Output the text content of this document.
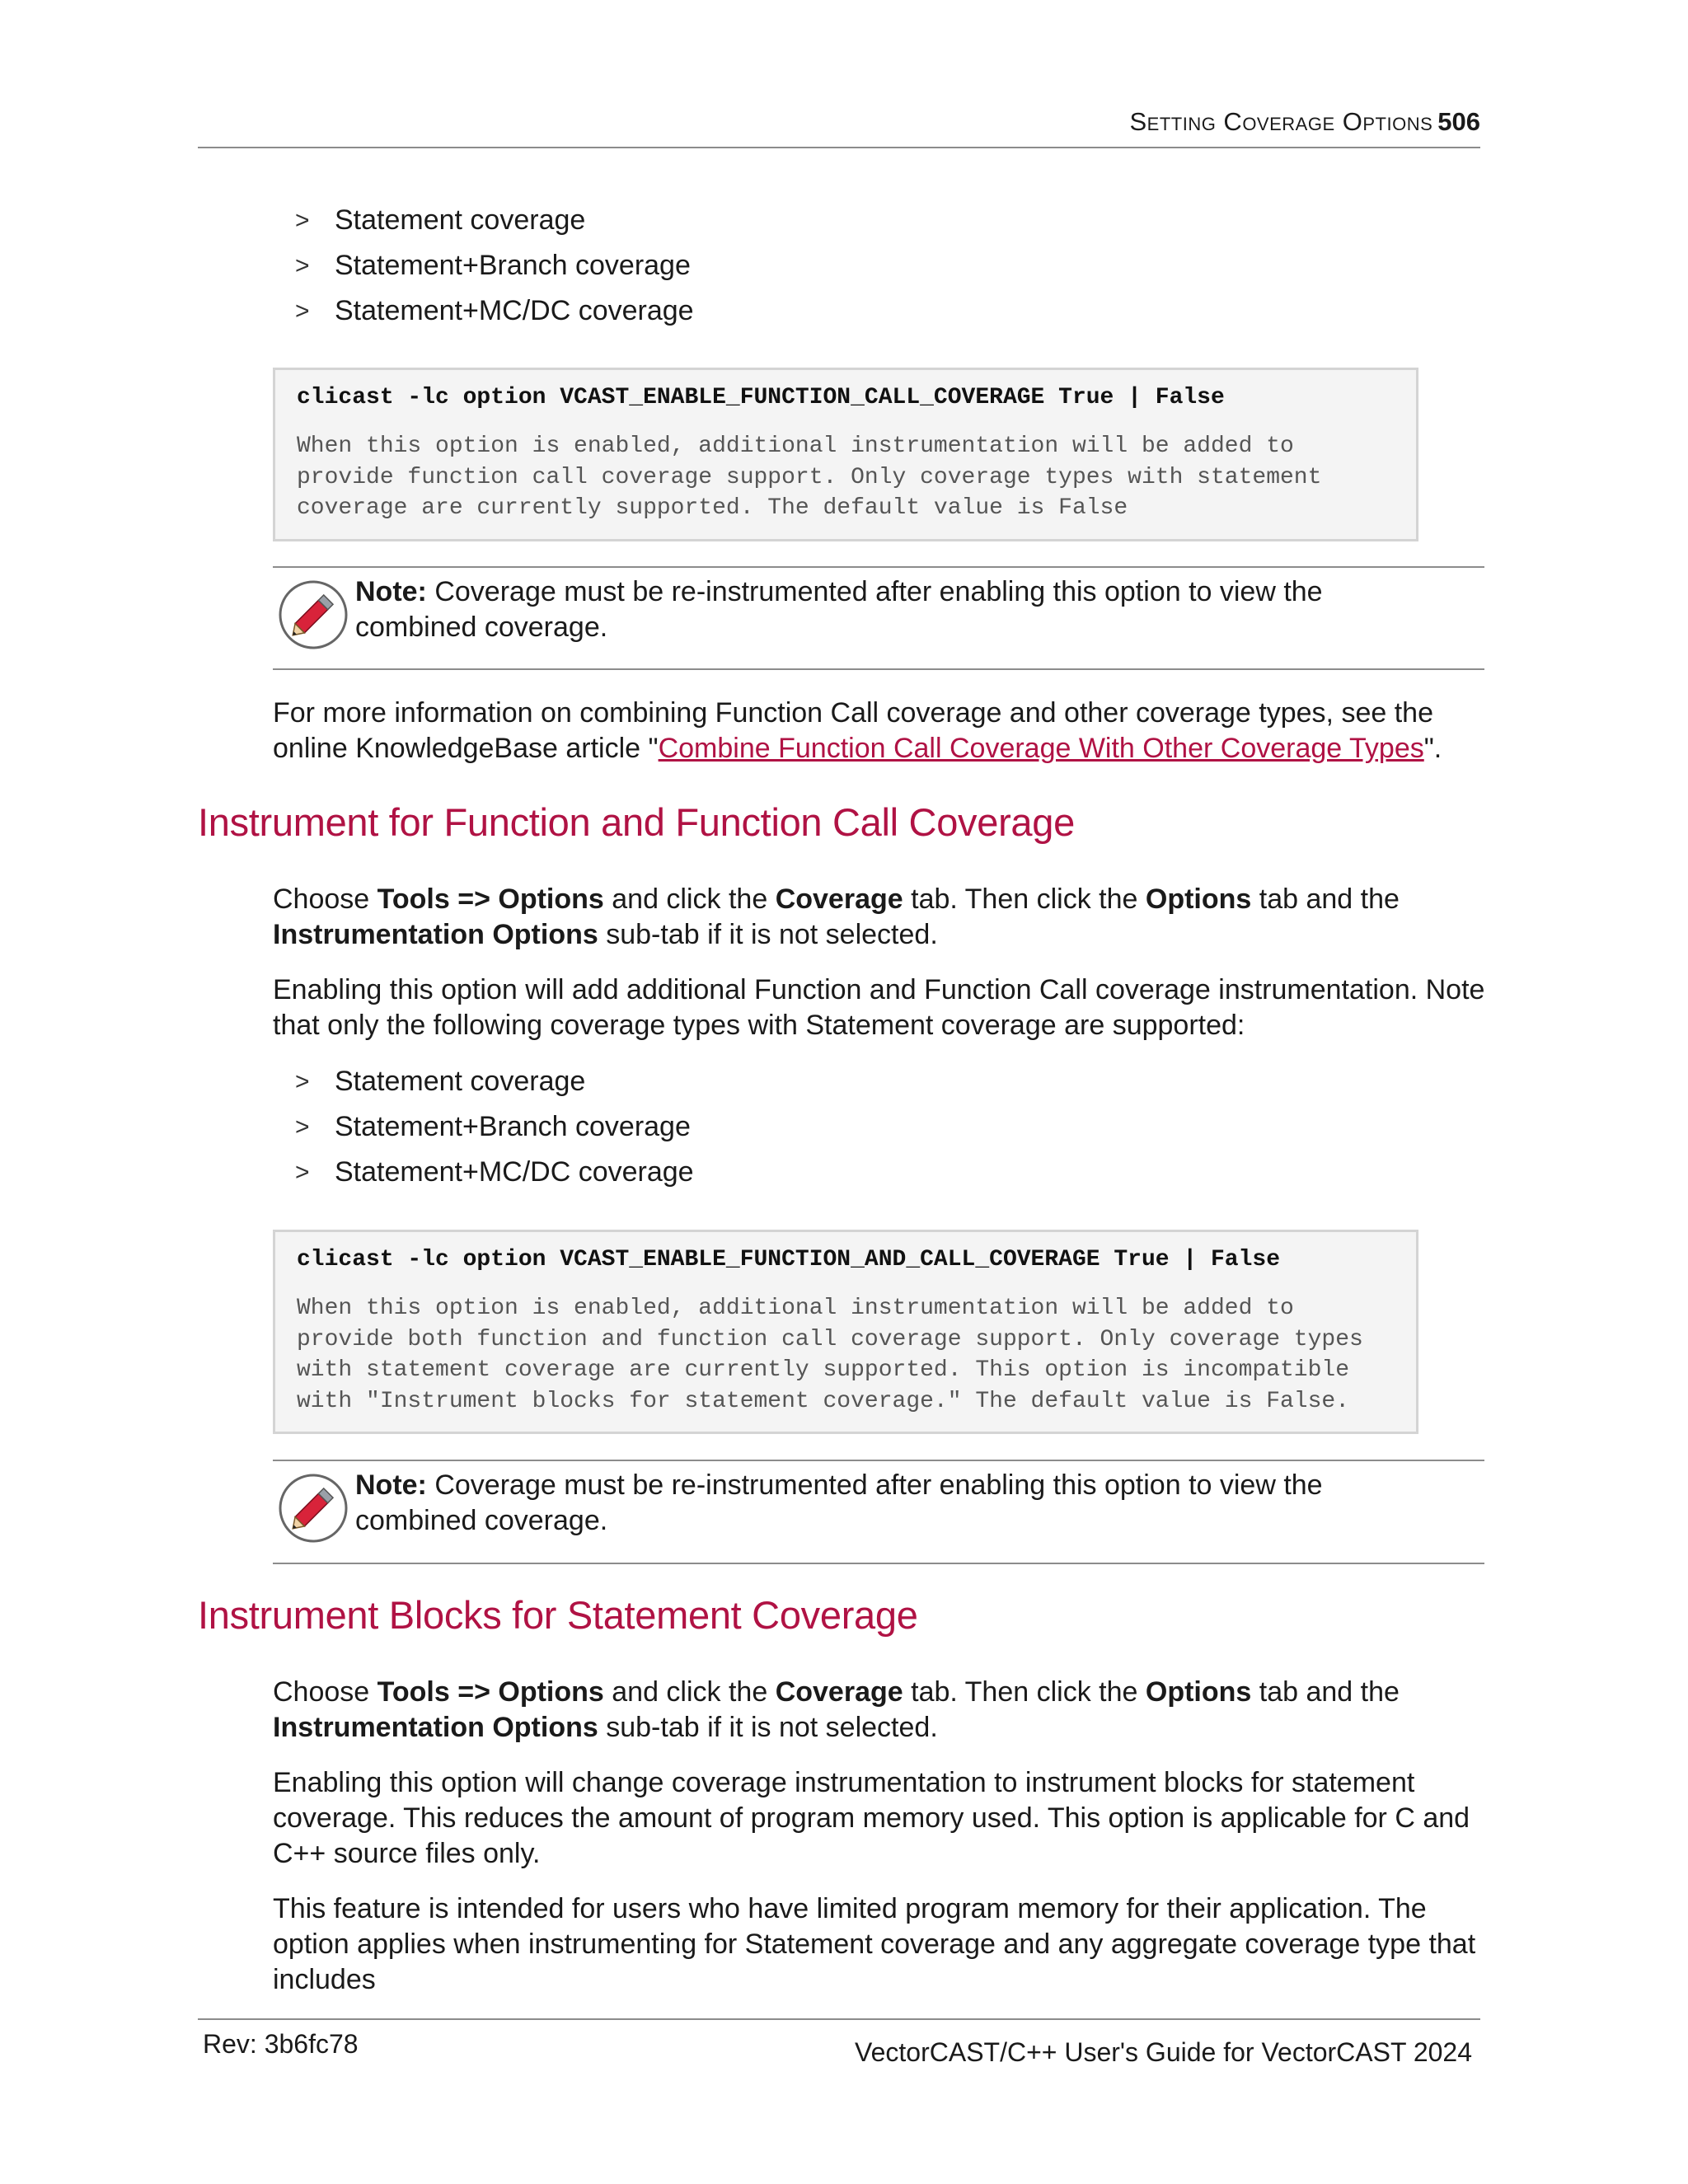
Setting Coverage Options 506
> Statement coverage
> Statement+Branch coverage
> Statement+MC/DC coverage
clicast -lc option VCAST_ENABLE_FUNCTION_CALL_COVERAGE True | False
When this option is enabled, additional instrumentation will be added to
provide function call coverage support. Only coverage types with statement
coverage are currently supported. The default value is False
Note: Coverage must be re-instrumented after enabling this option to view the combined coverage.

For more information on combining Function Call coverage and other coverage types, see the online KnowledgeBase article "Combine Function Call Coverage With Other Coverage Types".

Instrument for Function and Function Call Coverage

Choose Tools => Options and click the Coverage tab. Then click the Options tab and the Instrumentation Options sub-tab if it is not selected.

Enabling this option will add additional Function and Function Call coverage instrumentation. Note that only the following coverage types with Statement coverage are supported:

> Statement coverage
> Statement+Branch coverage
> Statement+MC/DC coverage
clicast -lc option VCAST_ENABLE_FUNCTION_AND_CALL_COVERAGE True | False
When this option is enabled, additional instrumentation will be added to
provide both function and function call coverage support. Only coverage types
with statement coverage are currently supported. This option is incompatible
with "Instrument blocks for statement coverage." The default value is False.
Note: Coverage must be re-instrumented after enabling this option to view the combined coverage.
Instrument Blocks for Statement Coverage

Choose Tools => Options and click the Coverage tab. Then click the Options tab and the Instrumentation Options sub-tab if it is not selected.

Enabling this option will change coverage instrumentation to instrument blocks for statement coverage. This reduces the amount of program memory used. This option is applicable for C and C++ source files only.

This feature is intended for users who have limited program memory for their application. The option applies when instrumenting for Statement coverage and any aggregate coverage type that includes

Rev: 3b6fc78	VectorCAST/C++ User's Guide for VectorCAST 2024
